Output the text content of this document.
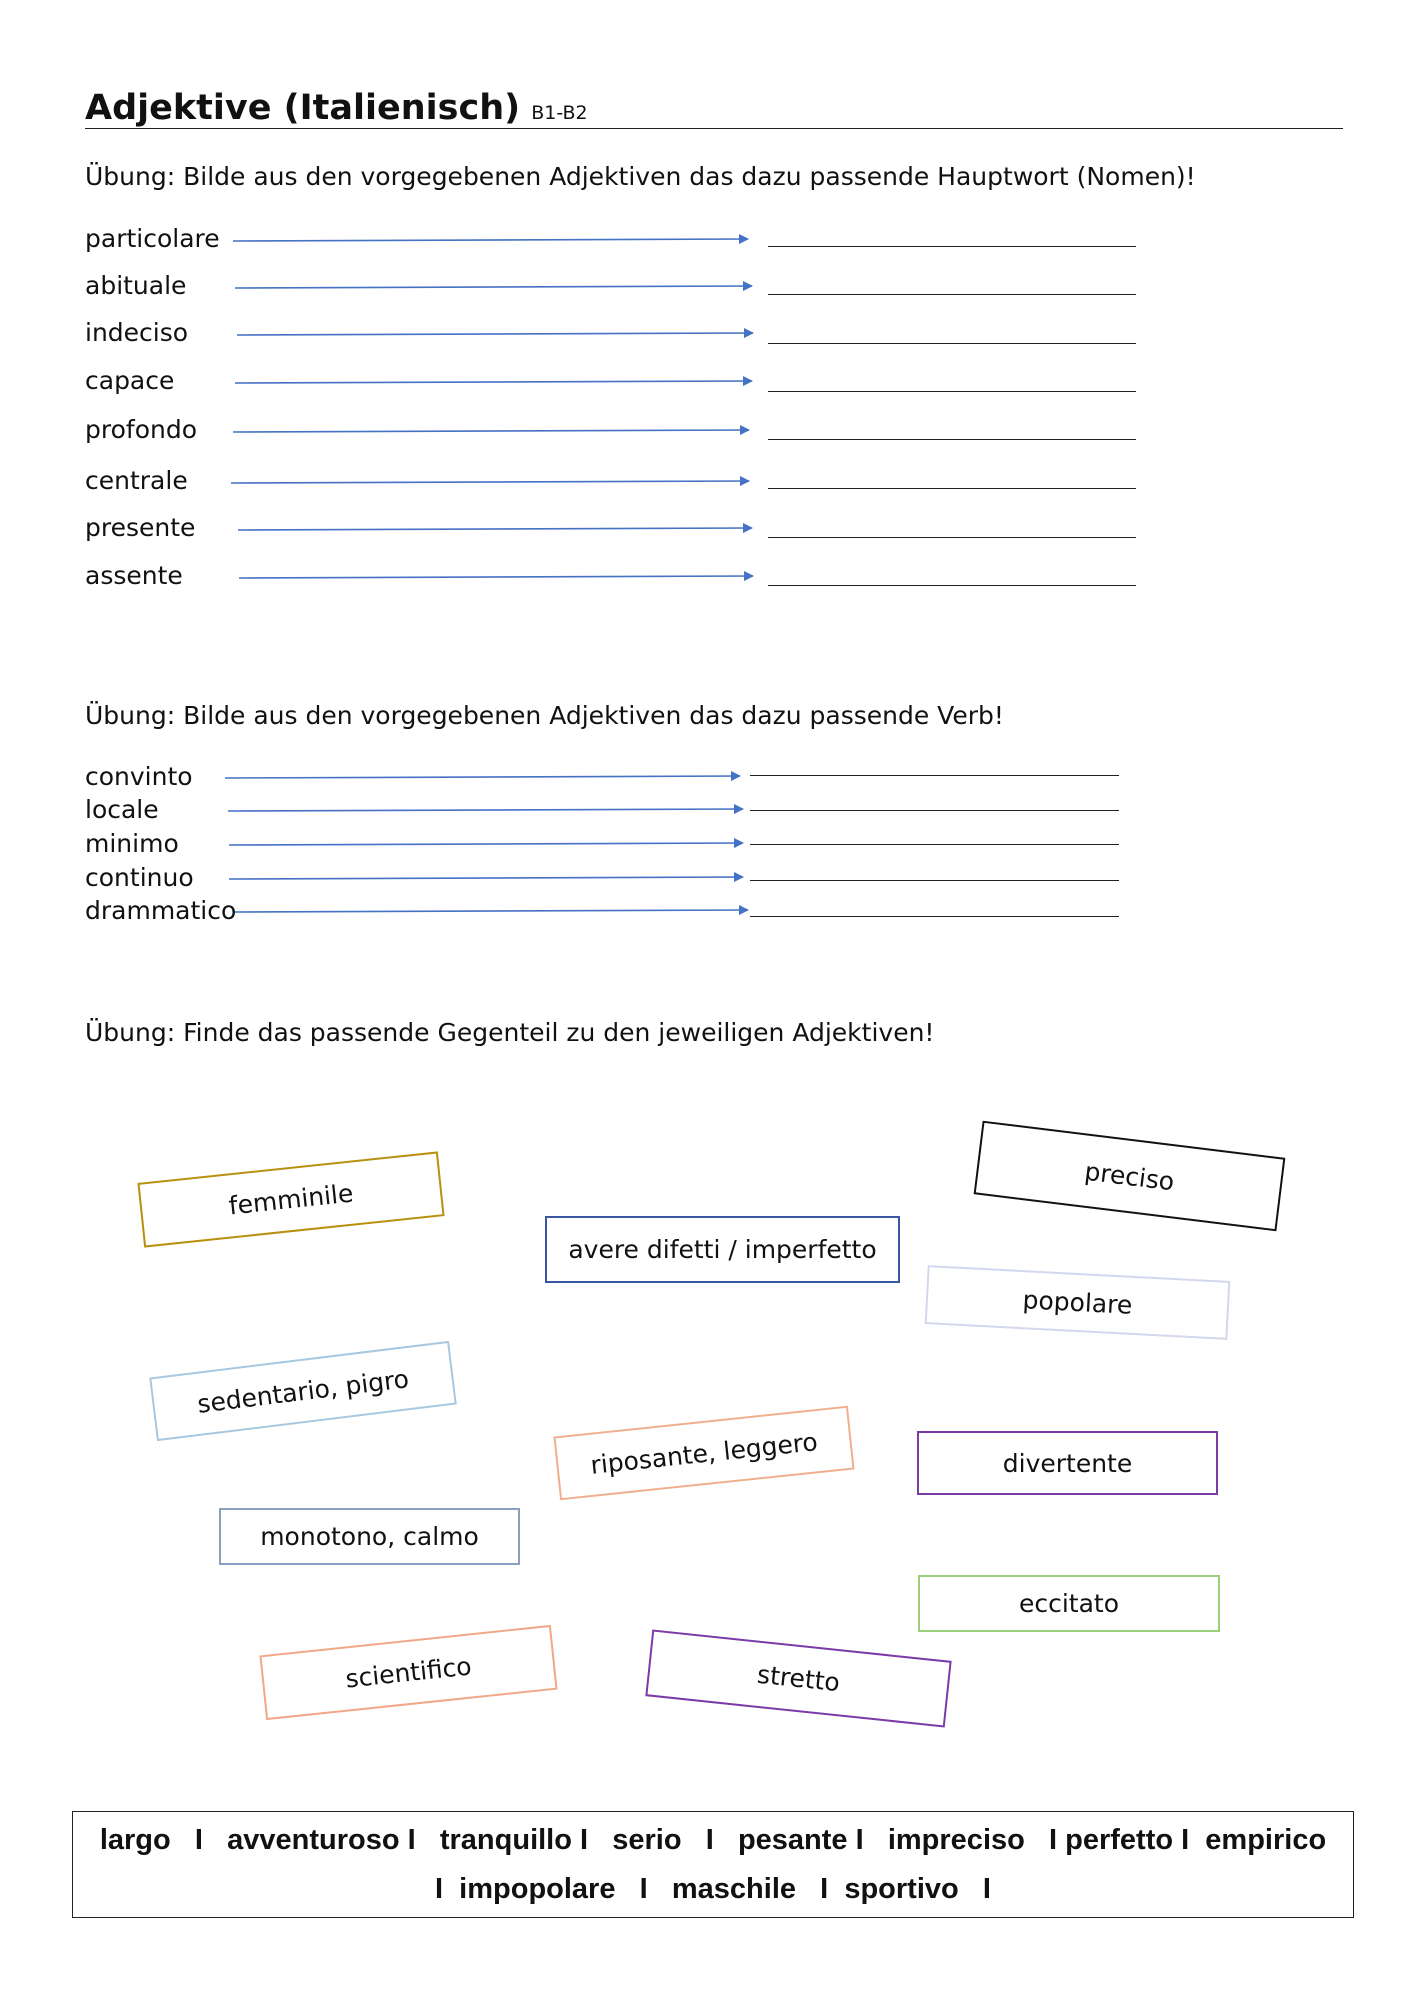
Adjektive (Italienisch) B1-B2
Übung: Bilde aus den vorgegebenen Adjektiven das dazu passende Hauptwort (Nomen)!
particolare
abituale
indeciso
capace
profondo
centrale
presente
assente
Übung: Bilde aus den vorgegebenen Adjektiven das dazu passende Verb!
convinto
locale
minimo
continuo
drammatico
Übung: Finde das passende Gegenteil zu den jeweiligen Adjektiven!
femminile
avere difetti / imperfetto
preciso
popolare
sedentario, pigro
riposante, leggero	divertente
monotono, calmo
eccitato
scientifico	stretto
largo   I   avventuroso I   tranquillo I   serio   I   pesante I   impreciso   I perfetto I  empirico
I  impopolare   I   maschile   I  sportivo   I
